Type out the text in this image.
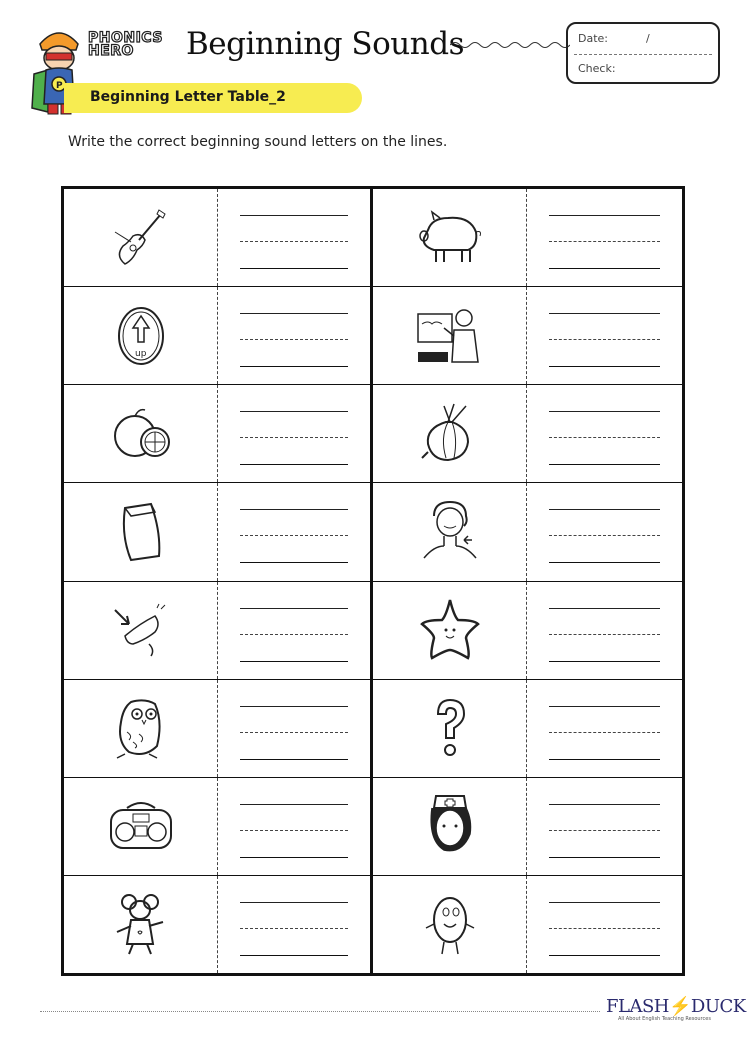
P
PHONICS
HERO	Beginning Sounds	Date:	/
Check:
Beginning Letter Table_2
Write the correct beginning sound letters on the lines.
up
FLASH⚡DUCK
All About English Teaching Resources
